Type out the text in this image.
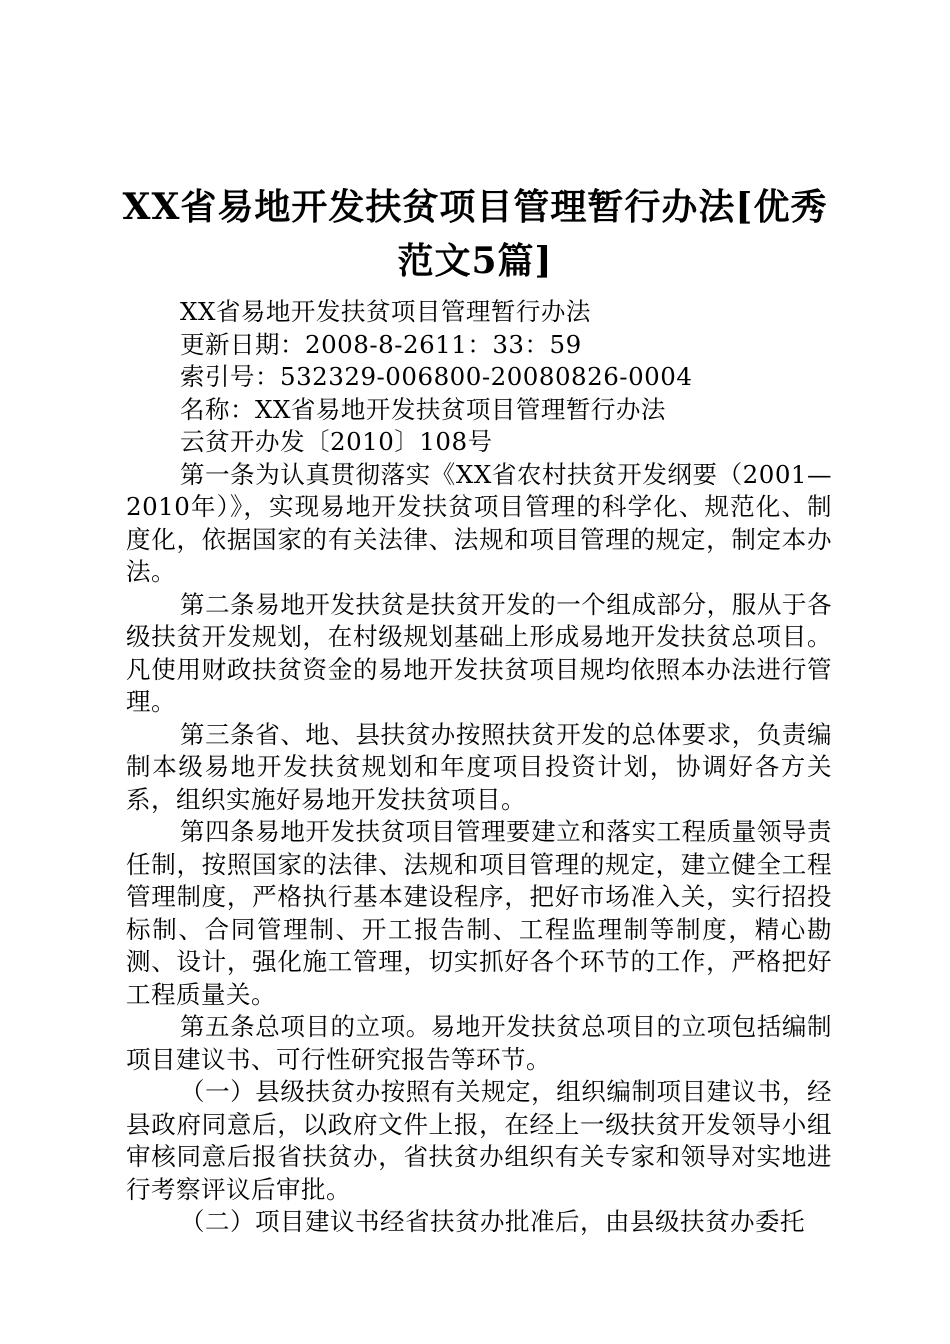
XX省易地开发扶贫项目管理暂行办法[优秀范文5篇]

XX省易地开发扶贫项目管理暂行办法

更新日期：2008-8-2611：33：59

索引号：532329-006800-20080826-0004

名称：XX省易地开发扶贫项目管理暂行办法

云贫开办发〔2010〕108号

第一条为认真贯彻落实《XX省农村扶贫开发纲要（2001—2010年）》，实现易地开发扶贫项目管理的科学化、规范化、制度化，依据国家的有关法律、法规和项目管理的规定，制定本办法。

第二条易地开发扶贫是扶贫开发的一个组成部分，服从于各级扶贫开发规划，在村级规划基础上形成易地开发扶贫总项目。凡使用财政扶贫资金的易地开发扶贫项目规均依照本办法进行管理。

第三条省、地、县扶贫办按照扶贫开发的总体要求，负责编制本级易地开发扶贫规划和年度项目投资计划，协调好各方关系，组织实施好易地开发扶贫项目。

第四条易地开发扶贫项目管理要建立和落实工程质量领导责任制，按照国家的法律、法规和项目管理的规定，建立健全工程管理制度，严格执行基本建设程序，把好市场准入关，实行招投标制、合同管理制、开工报告制、工程监理制等制度，精心勘测、设计，强化施工管理，切实抓好各个环节的工作，严格把好工程质量关。

第五条总项目的立项。易地开发扶贫总项目的立项包括编制项目建议书、可行性研究报告等环节。

（一）县级扶贫办按照有关规定，组织编制项目建议书，经县政府同意后，以政府文件上报，在经上一级扶贫开发领导小组审核同意后报省扶贫办，省扶贫办组织有关专家和领导对实地进行考察评议后审批。

（二）项目建议书经省扶贫办批准后，由县级扶贫办委托
